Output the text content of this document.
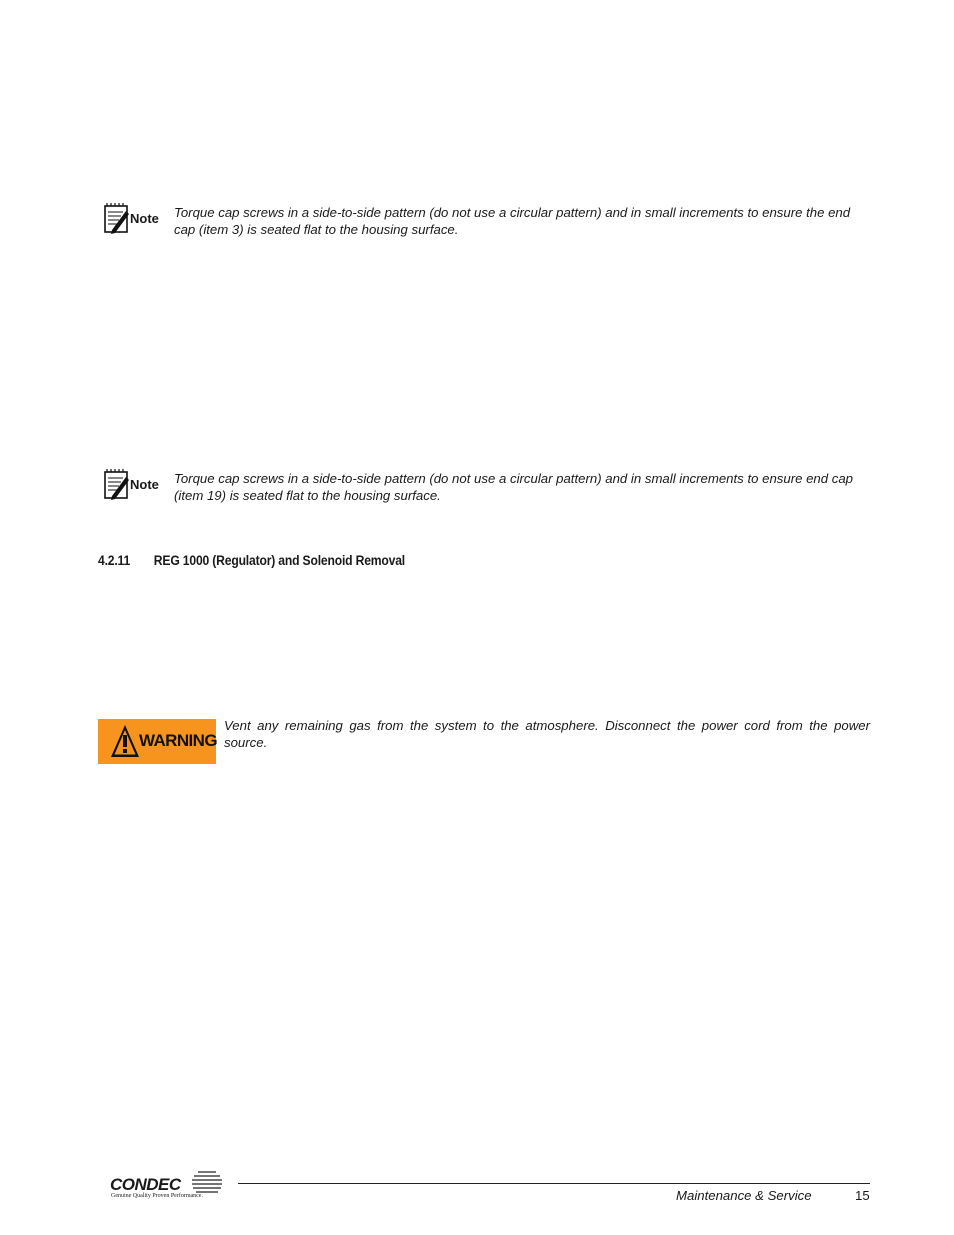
Note Torque cap screws in a side-to-side pattern (do not use a circular pattern) and in small increments to ensure the end cap (item 3) is seated flat to the housing surface.
Note Torque cap screws in a side-to-side pattern (do not use a circular pattern) and in small increments to ensure end cap (item 19) is seated flat to the housing surface.
4.2.11 REG 1000 (Regulator) and Solenoid Removal
WARNING
Vent any remaining gas from the system to the atmosphere. Disconnect the power cord from the power source.
CONDEC
Genuine Quality Proven Performance.	Maintenance & Service	15
